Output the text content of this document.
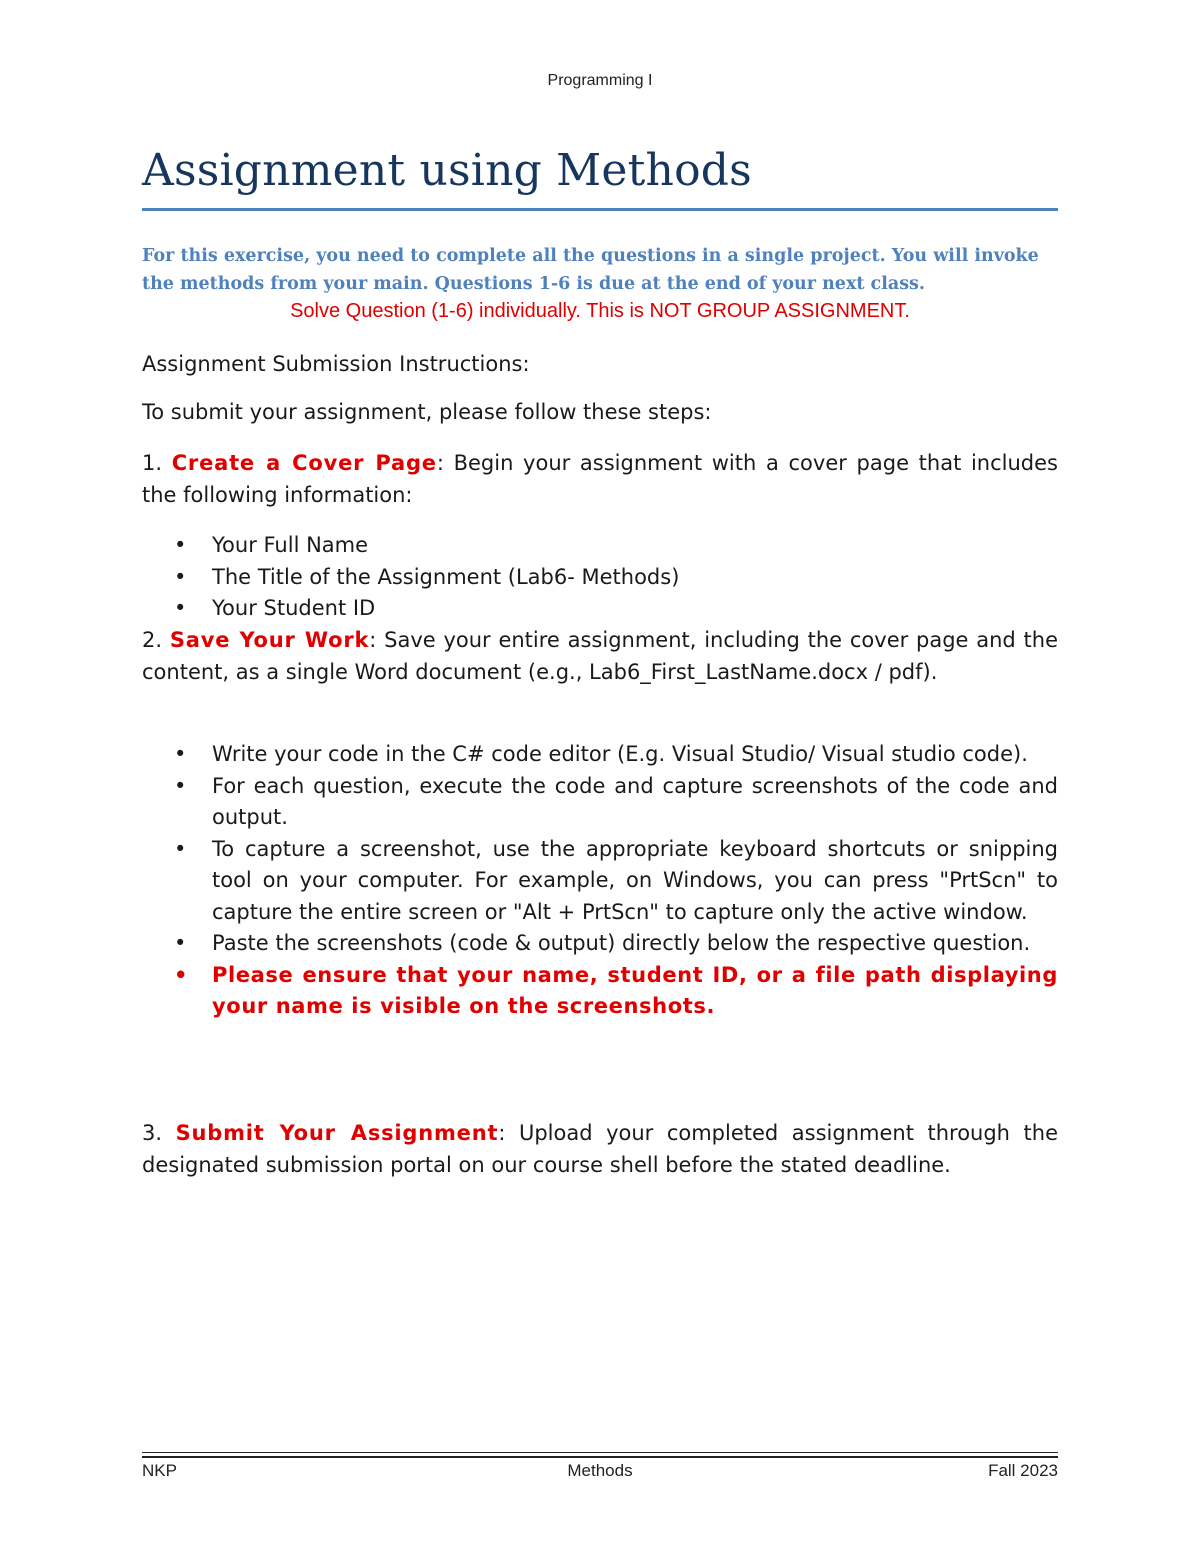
Programming I
Assignment using Methods
For this exercise, you need to complete all the questions in a single project. You will invoke
the methods from your main. Questions 1-6 is due at the end of your next class.
Solve Question (1-6) individually. This is NOT GROUP ASSIGNMENT.
Assignment Submission Instructions:
To submit your assignment, please follow these steps:
1. Create a Cover Page: Begin your assignment with a cover page that includes the following information:
• Your Full Name
• The Title of the Assignment (Lab6- Methods)
• Your Student ID
2. Save Your Work: Save your entire assignment, including the cover page and the content, as a single Word document (e.g., Lab6_First_LastName.docx / pdf).
• Write your code in the C# code editor (E.g. Visual Studio/ Visual studio code).
• For each question, execute the code and capture screenshots of the code and output.
• To capture a screenshot, use the appropriate keyboard shortcuts or snipping tool on your computer. For example, on Windows, you can press "PrtScn" to capture the entire screen or "Alt + PrtScn" to capture only the active window.
• Paste the screenshots (code & output) directly below the respective question.
• Please ensure that your name, student ID, or a file path displaying your name is visible on the screenshots.
3. Submit Your Assignment: Upload your completed assignment through the designated submission portal on our course shell before the stated deadline.
NKP	Methods	Fall 2023
